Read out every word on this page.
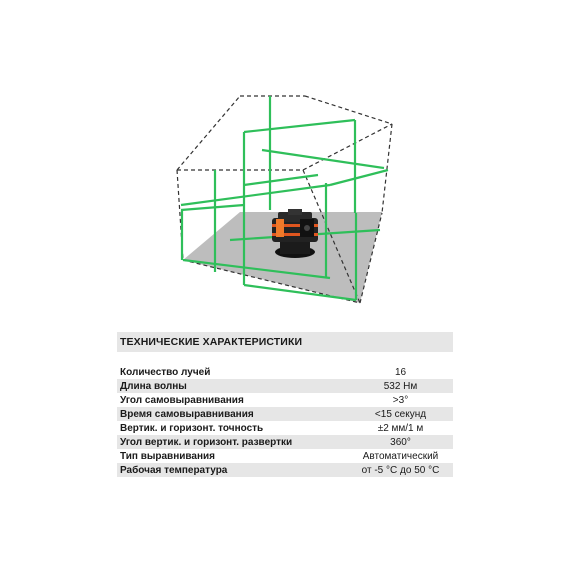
ТЕХНИЧЕСКИЕ ХАРАКТЕРИСТИКИ
Количество лучей	16
Длина волны	532 Нм
Угол самовыравнивания	>3°
Время самовыравнивания	<15 секунд
Вертик. и горизонт. точность	±2 мм/1 м
Угол вертик. и горизонт. развертки	360°
Тип выравнивания	Автоматический
Рабочая температура	от -5 °С до 50 °С
